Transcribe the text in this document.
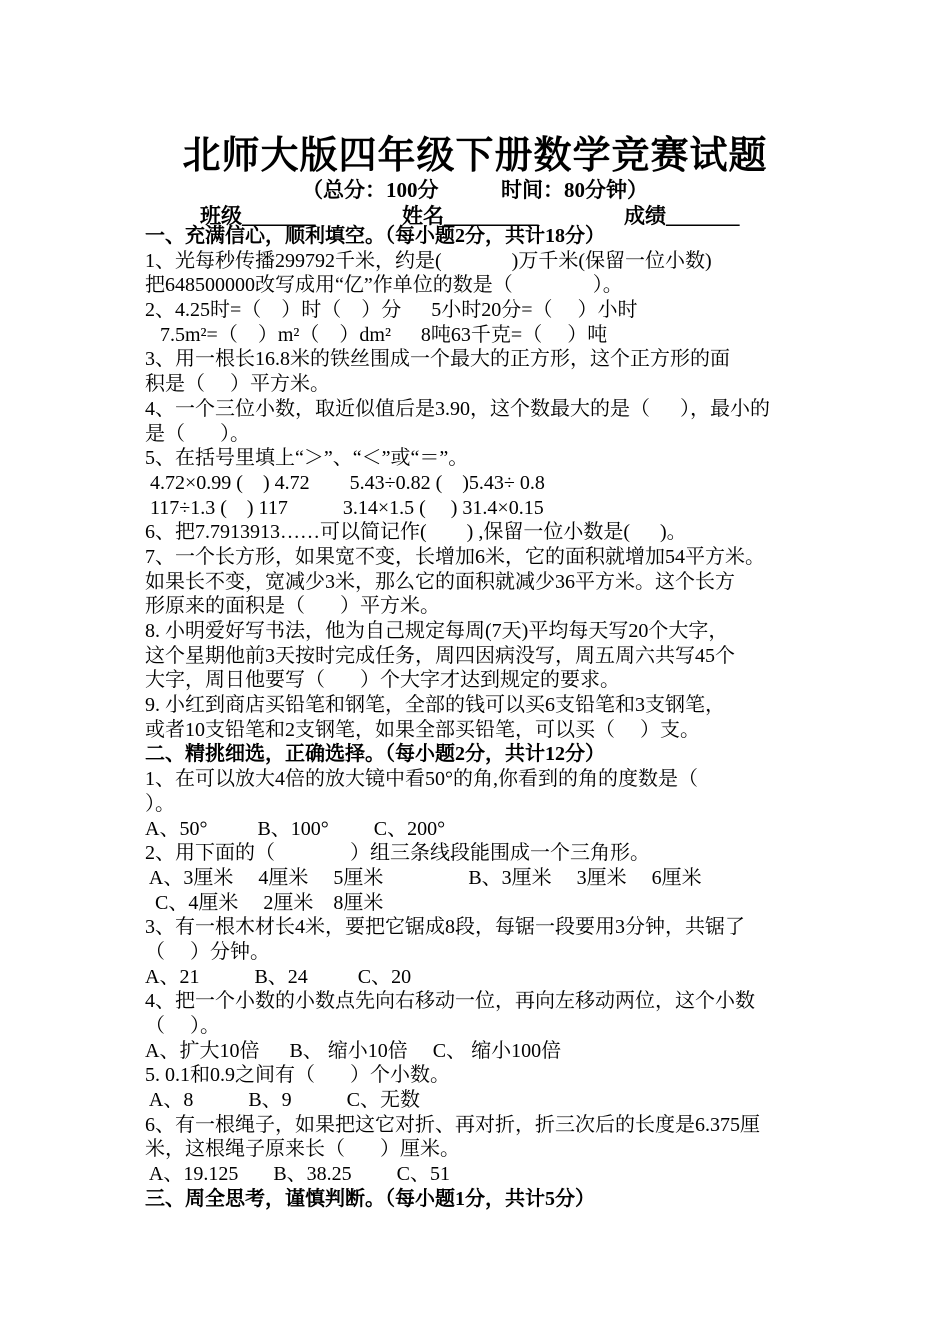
北师大版四年级下册数学竞赛试题
（总分：100分	时间：80分钟）
班级_______	姓名_________	成绩_______
一、充满信心，顺利填空。（每小题2分，共计18分）
1、光每秒传播299792千米，约是(              )万千米(保留一位小数)
把648500000改写成用“亿”作单位的数是（                ）。
2、4.25时=（    ）时（    ）分      5小时20分=（     ）小时
7.5m²=（    ）m²（    ）dm²      8吨63千克=（     ）吨
3、用一根长16.8米的铁丝围成一个最大的正方形，这个正方形的面
积是（     ）平方米。
4、一个三位小数，取近似值后是3.90，这个数最大的是（      ），最小的
是（       ）。
5、在括号里填上“＞”、“＜”或“＝”。
4.72×0.99 (    ) 4.72        5.43÷0.82 (    )5.43÷ 0.8
117÷1.3 (    ) 117           3.14×1.5 (     ) 31.4×0.15
6、把7.7913913……可以简记作(        ) ,保留一位小数是(      )。
7、一个长方形，如果宽不变，长增加6米，它的面积就增加54平方米。
如果长不变，宽减少3米，那么它的面积就减少36平方米。这个长方
形原来的面积是（       ）平方米。
8. 小明爱好写书法，他为自己规定每周(7天)平均每天写20个大字，
这个星期他前3天按时完成任务，周四因病没写，周五周六共写45个
大字，周日他要写（       ）个大字才达到规定的要求。
9. 小红到商店买铅笔和钢笔，全部的钱可以买6支铅笔和3支钢笔，
或者10支铅笔和2支钢笔，如果全部买铅笔，可以买（     ）支。
二、精挑细选，正确选择。（每小题2分，共计12分）
1、在可以放大4倍的放大镜中看50°的角,你看到的角的度数是（
）。
A、50°          B、100°         C、200°
2、用下面的（               ）组三条线段能围成一个三角形。
A、3厘米     4厘米     5厘米                 B、3厘米     3厘米     6厘米
C、4厘米     2厘米    8厘米
3、有一根木材长4米，要把它锯成8段，每锯一段要用3分钟，共锯了
（     ）分钟。
A、21           B、24          C、20
4、把一个小数的小数点先向右移动一位，再向左移动两位，这个小数
（     ）。
A、扩大10倍      B、 缩小10倍     C、 缩小100倍
5. 0.1和0.9之间有（       ）个小数。
A、8           B、9           C、无数
6、有一根绳子，如果把这它对折、再对折，折三次后的长度是6.375厘
米，这根绳子原来长（       ）厘米。
A、19.125       B、38.25         C、51
三、周全思考，谨慎判断。（每小题1分，共计5分）
